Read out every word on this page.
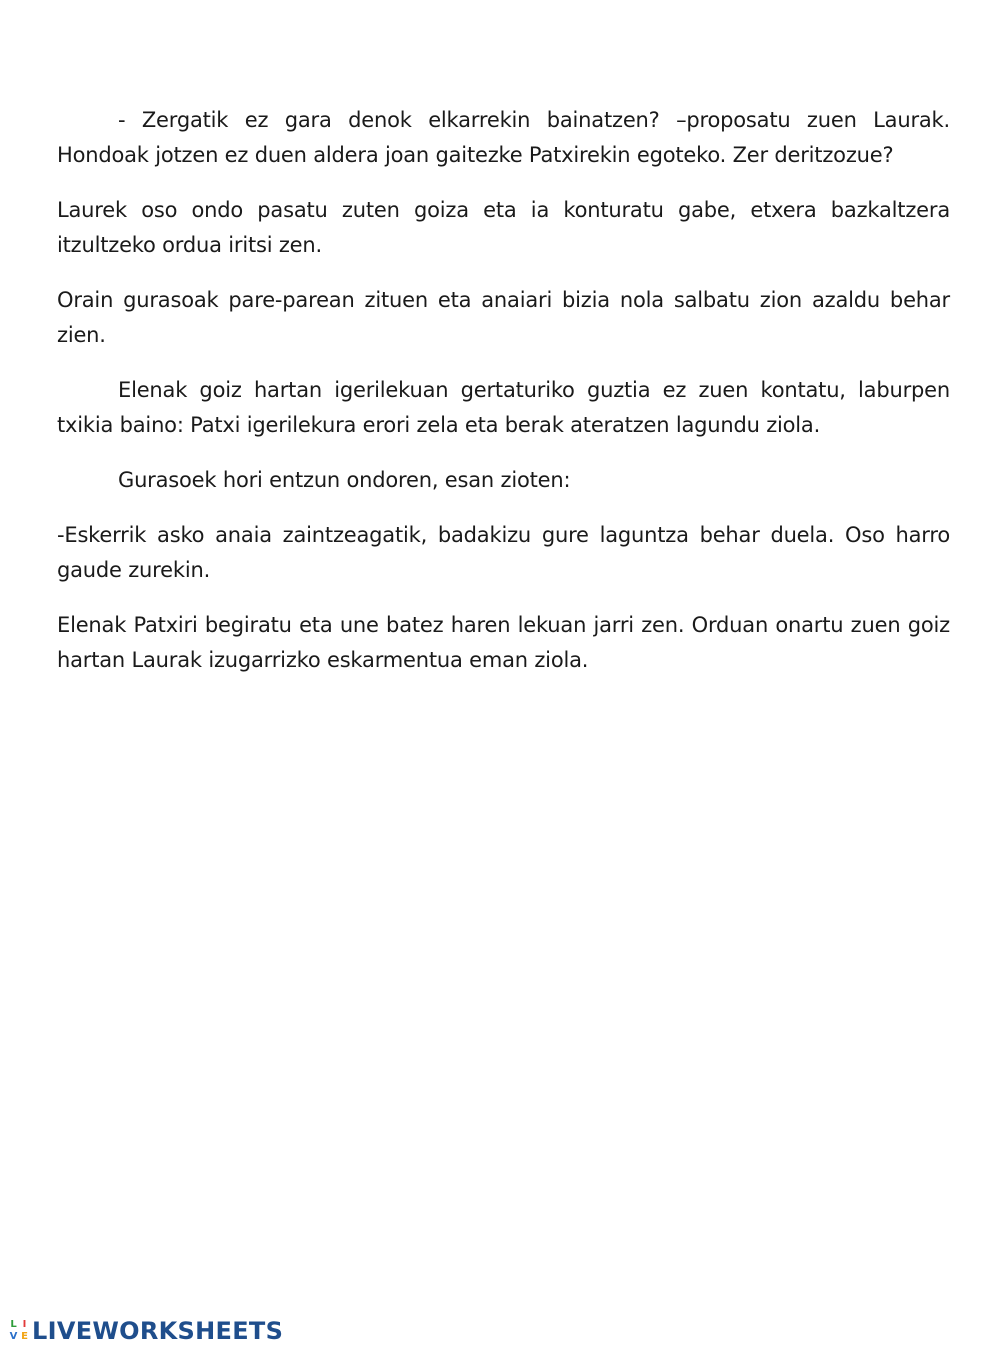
- Zergatik ez gara denok elkarrekin bainatzen? –proposatu zuen Laurak. Hondoak jotzen ez duen aldera joan gaitezke Patxirekin egoteko. Zer deritzozue?

Laurek oso ondo pasatu zuten goiza eta ia konturatu gabe, etxera bazkaltzera itzultzeko ordua iritsi zen.

Orain gurasoak pare-parean zituen eta anaiari bizia nola salbatu zion azaldu behar zien.

Elenak goiz hartan igerilekuan gertaturiko guztia ez zuen kontatu, laburpen txikia baino: Patxi igerilekura erori zela eta berak ateratzen lagundu ziola.

Gurasoek hori entzun ondoren, esan zioten:

-Eskerrik asko anaia zaintzeagatik, badakizu gure laguntza behar duela. Oso harro gaude zurekin.

Elenak Patxiri begiratu eta une batez haren lekuan jarri zen. Orduan onartu zuen goiz hartan Laurak izugarrizko eskarmentua eman ziola.

L I
V E LIVEWORKSHEETS
